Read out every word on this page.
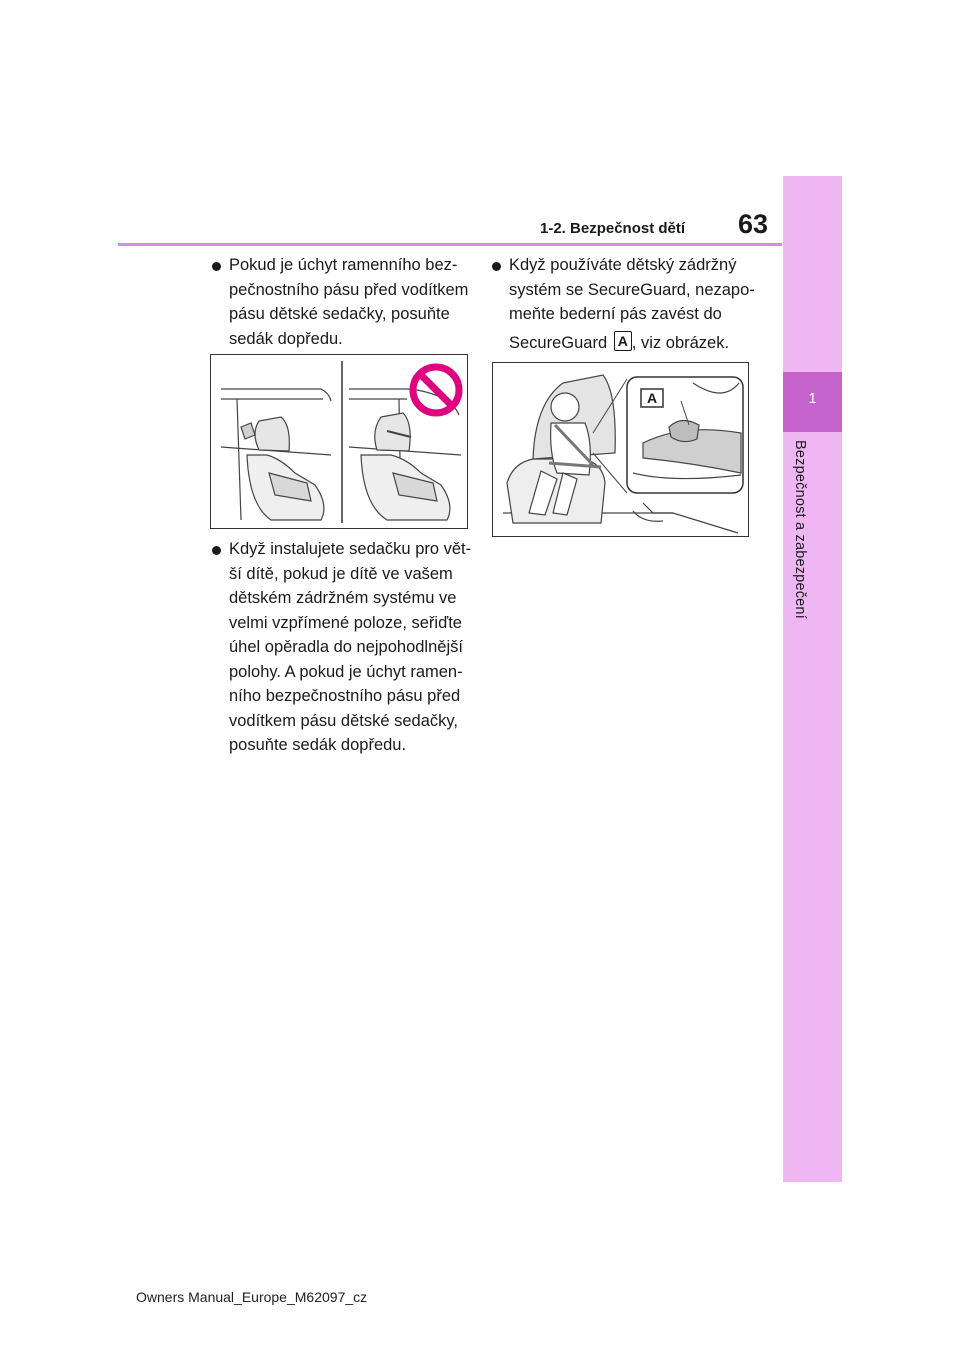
1
Bezpečnost a zabezpečení
1-2. Bezpečnost dětí 63
Pokud je úchyt ramenního bez-
pečnostního pásu před vodítkem
pásu dětské sedačky, posuňte
sedák dopředu.
Když instalujete sedačku pro vět-
ší dítě, pokud je dítě ve vašem
dětském zádržném systému ve
velmi vzpřímené poloze, seřiďte
úhel opěradla do nejpohodlnější
polohy. A pokud je úchyt ramen-
ního bezpečnostního pásu před
vodítkem pásu dětské sedačky,
posuňte sedák dopředu.
Když používáte dětský zádržný
systém se SecureGuard, nezapo-
meňte bederní pás zavést do
SecureGuard A , viz obrázek.
A
Owners Manual_Europe_M62097_cz
